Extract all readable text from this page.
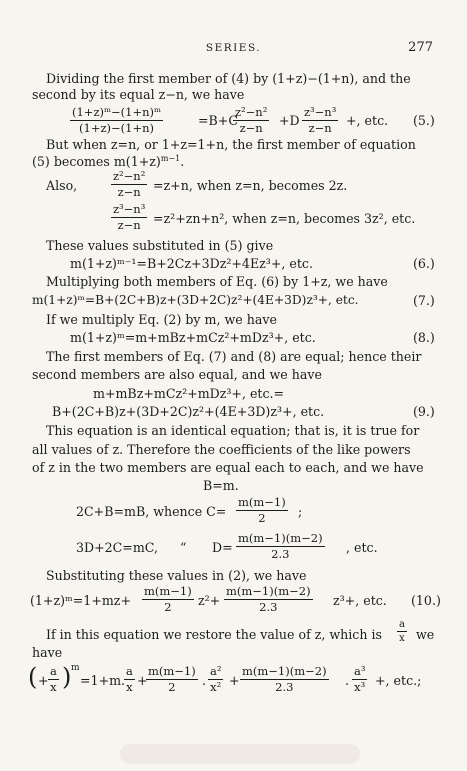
SERIES.	277
Dividing the first member of (4) by (1+z)−(1+n), and the
second by its equal z−n, we have
$\frac{\text{(1+z)ᵐ−(1+n)ᵐ}}{(1+z)-(1+n)}$	=B+C
$\frac{\text{z²−n²}}{z-n} +D \frac{\text{z³−n³}}{z-n}$ +, etc. (5.)
But when z=n, or 1+z=1+n, the first member of equation
(5) becomes $m(1+z)^{m-1}$.
Also,	$\frac{\text{z²−n²}}{z-n} =z+n$, when z=n, becomes 2z.
$\frac{\text{z³−n³}}{z-n} =z^2+zn+n^2$, when z=n, becomes 3z², etc.
These values substituted in (5) give
m(1+z)ᵐ⁻¹=B+2Cz+3Dz²+4Ez³+, etc.	(6.)
Multiplying both members of Eq. (6) by 1+z, we have
m(1+z)ᵐ=B+(2C+B)z+(3D+2C)z²+(4E+3D)z³+, etc.	(7.)
If we multiply Eq. (2) by m, we have
m(1+z)ᵐ=m+mBz+mCz²+mDz³+, etc.	(8.)
The first members of Eq. (7) and (8) are equal; hence their
second members are also equal, and we have
m+mBz+mCz²+mDz³+, etc.=
B+(2C+B)z+(3D+2C)z²+(4E+3D)z³+, etc.	(9.)
This equation is an identical equation; that is, it is true for
all values of z. Therefore the coefficients of the like powers
of z in the two members are equal each to each, and we have
B=m.
2C+B=mB, whence $C= \frac{m(m-1)}{2}$ ;
3D+2C=mC, “ $D= \frac{m(m-1)(m-2)}{2.3}$ , etc.
Substituting these values in (2), we have
(1+z)ᵐ=1+mz+ $\frac{m(m-1)}{2} z^2+ \frac{m(m-1)(m-2)}{2.3} z^3+$, etc. (10.)
If in this equation we restore the value of z, which is $\frac{a}{x}$ we
have
( + $\frac{a}{x}$ ) m
=1+m.
$\frac{a}{x}$ +
$\frac{m(m-1)}{2}$ . $\frac{\text{a²}}{\text{x²}} + \frac{m(m-1)(m-2)}{2.3}$ . $\frac{\text{a³}}{\text{x³}}$ +, etc.;
